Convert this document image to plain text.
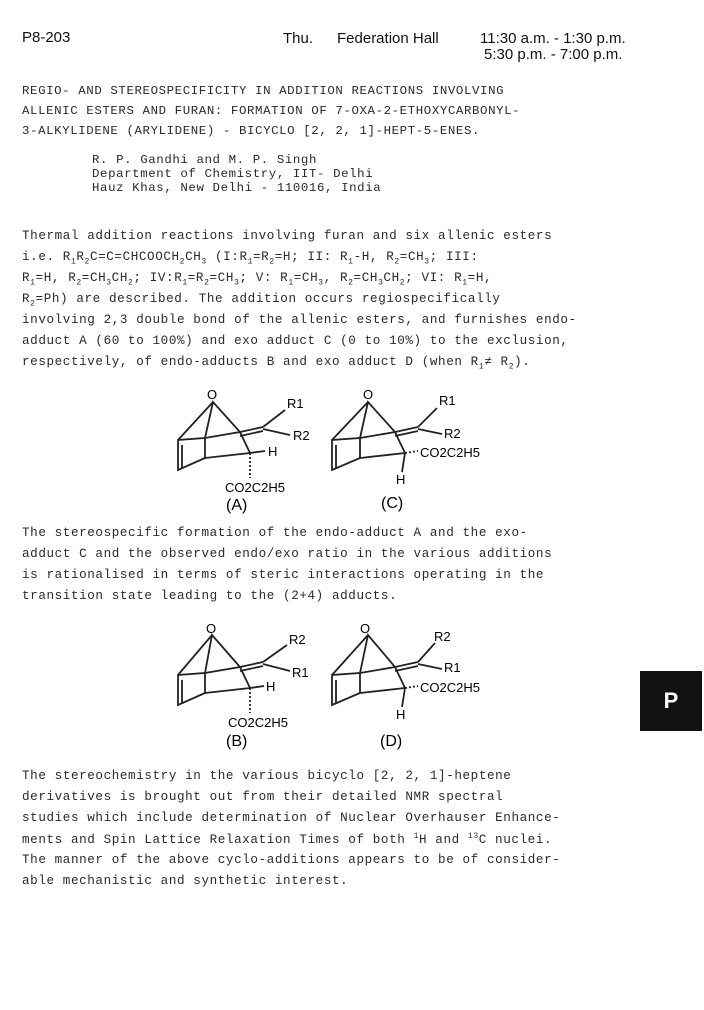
P8-203	Thu. Federation Hall	11:30 a.m. - 1:30 p.m.
5:30 p.m. - 7:00 p.m.
REGIO- AND STEREOSPECIFICITY IN ADDITION REACTIONS INVOLVING
ALLENIC ESTERS AND FURAN: FORMATION OF 7-OXA-2-ETHOXYCARBONYL-
3-ALKYLIDENE (ARYLIDENE) - BICYCLO [2, 2, 1]-HEPT-5-ENES.
R. P. Gandhi and M. P. Singh
Department of Chemistry, IIT- Delhi
Hauz Khas, New Delhi - 110016, India
Thermal addition reactions involving furan and six allenic esters
i.e. $R_1R_2C=C=CHCOOCH_2CH_3$ ($I:R_1=R_2=H$; II: $R_1-H$, $R_2=CH_3$; III:
$R_1=H$, $R_2=CH_3CH_2$; $IV:R_1=R_2=CH_3$; V: $R_1=CH_3$, $R_2=CH_3CH_2$; VI: $R_1=H$,
$R_2=Ph$) are described. The addition occurs regiospecifically
involving 2,3 double bond of the allenic esters, and furnishes endo-
adduct A (60 to 100%) and exo adduct C (0 to 10%) to the exclusion,
respectively, of endo-adducts B and exo adduct D (when $R_1\ne R_2$).
O
R1
R2
H
CO2C2H5
(A)
O	R1
R2
CO2C2H5
H
(C)
The stereospecific formation of the endo-adduct A and the exo-
adduct C and the observed endo/exo ratio in the various additions
is rationalised in terms of steric interactions operating in the
transition state leading to the (2+4) adducts.
O
R2
R1
H
CO2C2H5
(B)
O
R2
R1
CO2C2H5
H
(D)
The stereochemistry in the various bicyclo [2, 2, 1]-heptene
derivatives is brought out from their detailed NMR spectral
studies which include determination of Nuclear Overhauser Enhance-
ments and Spin Lattice Relaxation Times of both $^1$H and $^{13}$C nuclei.
The manner of the above cyclo-additions appears to be of consider-
able mechanistic and synthetic interest.
P
